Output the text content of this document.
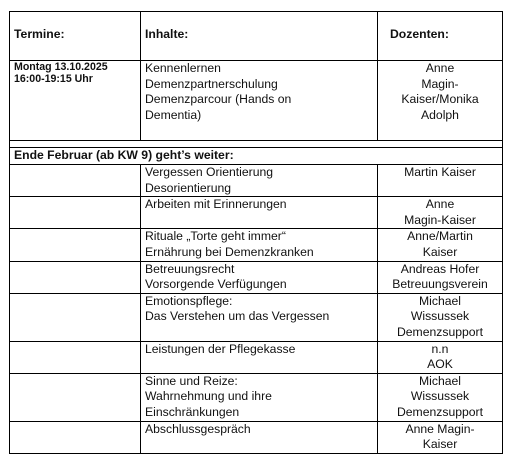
Termine:	Inhalte:	Dozenten:

Montag 13.10.2025
16:00-19:15 Uhr	Kennenlernen
Demenzpartnerschulung
Demenzparcour (Hands on
Dementia)	Anne
Magin-
Kaiser/Monika
Adolph

Ende Februar (ab KW 9) geht’s weiter:		

	Vergessen Orientierung
Desorientierung	Martin Kaiser

	Arbeiten mit Erinnerungen	Anne
Magin-Kaiser

	Rituale „Torte geht immer“
Ernährung bei Demenzkranken	Anne/Martin
Kaiser

	Betreuungsrecht
Vorsorgende Verfügungen	Andreas Hofer
Betreuungsverein

	Emotionspflege:
Das Verstehen um das Vergessen	Michael
Wissussek
Demenzsupport

	Leistungen der Pflegekasse	n.n
AOK

	Sinne und Reize:
Wahrnehmung und ihre
Einschränkungen	Michael
Wissussek
Demenzsupport

	Abschlussgespräch	Anne Magin-
Kaiser
